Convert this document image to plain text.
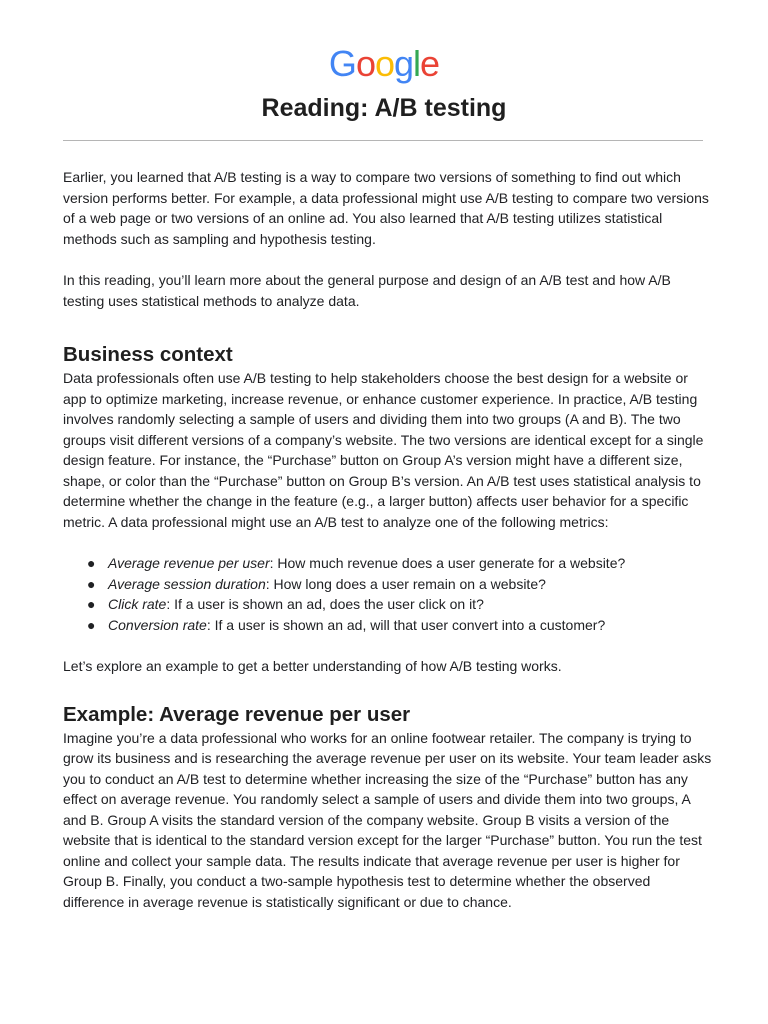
Google
Reading: A/B testing

Earlier, you learned that A/B testing is a way to compare two versions of something to find out which version performs better. For example, a data professional might use A/B testing to compare two versions of a web page or two versions of an online ad. You also learned that A/B testing utilizes statistical methods such as sampling and hypothesis testing.

In this reading, you’ll learn more about the general purpose and design of an A/B test and how A/B testing uses statistical methods to analyze data.

Business context

Data professionals often use A/B testing to help stakeholders choose the best design for a website or app to optimize marketing, increase revenue, or enhance customer experience. In practice, A/B testing involves randomly selecting a sample of users and dividing them into two groups (A and B). The two groups visit different versions of a company’s website. The two versions are identical except for a single design feature. For instance, the “Purchase” button on Group A’s version might have a different size, shape, or color than the “Purchase” button on Group B’s version. An A/B test uses statistical analysis to determine whether the change in the feature (e.g., a larger button) affects user behavior for a specific metric. A data professional might use an A/B test to analyze one of the following metrics:

● Average revenue per user: How much revenue does a user generate for a website?
● Average session duration: How long does a user remain on a website?
● Click rate: If a user is shown an ad, does the user click on it?
● Conversion rate: If a user is shown an ad, will that user convert into a customer?

Let’s explore an example to get a better understanding of how A/B testing works.

Example: Average revenue per user

Imagine you’re a data professional who works for an online footwear retailer. The company is trying to grow its business and is researching the average revenue per user on its website. Your team leader asks you to conduct an A/B test to determine whether increasing the size of the “Purchase” button has any effect on average revenue. You randomly select a sample of users and divide them into two groups, A and B. Group A visits the standard version of the company website. Group B visits a version of the website that is identical to the standard version except for the larger “Purchase” button. You run the test online and collect your sample data. The results indicate that average revenue per user is higher for Group B. Finally, you conduct a two-sample hypothesis test to determine whether the observed difference in average revenue is statistically significant or due to chance.
